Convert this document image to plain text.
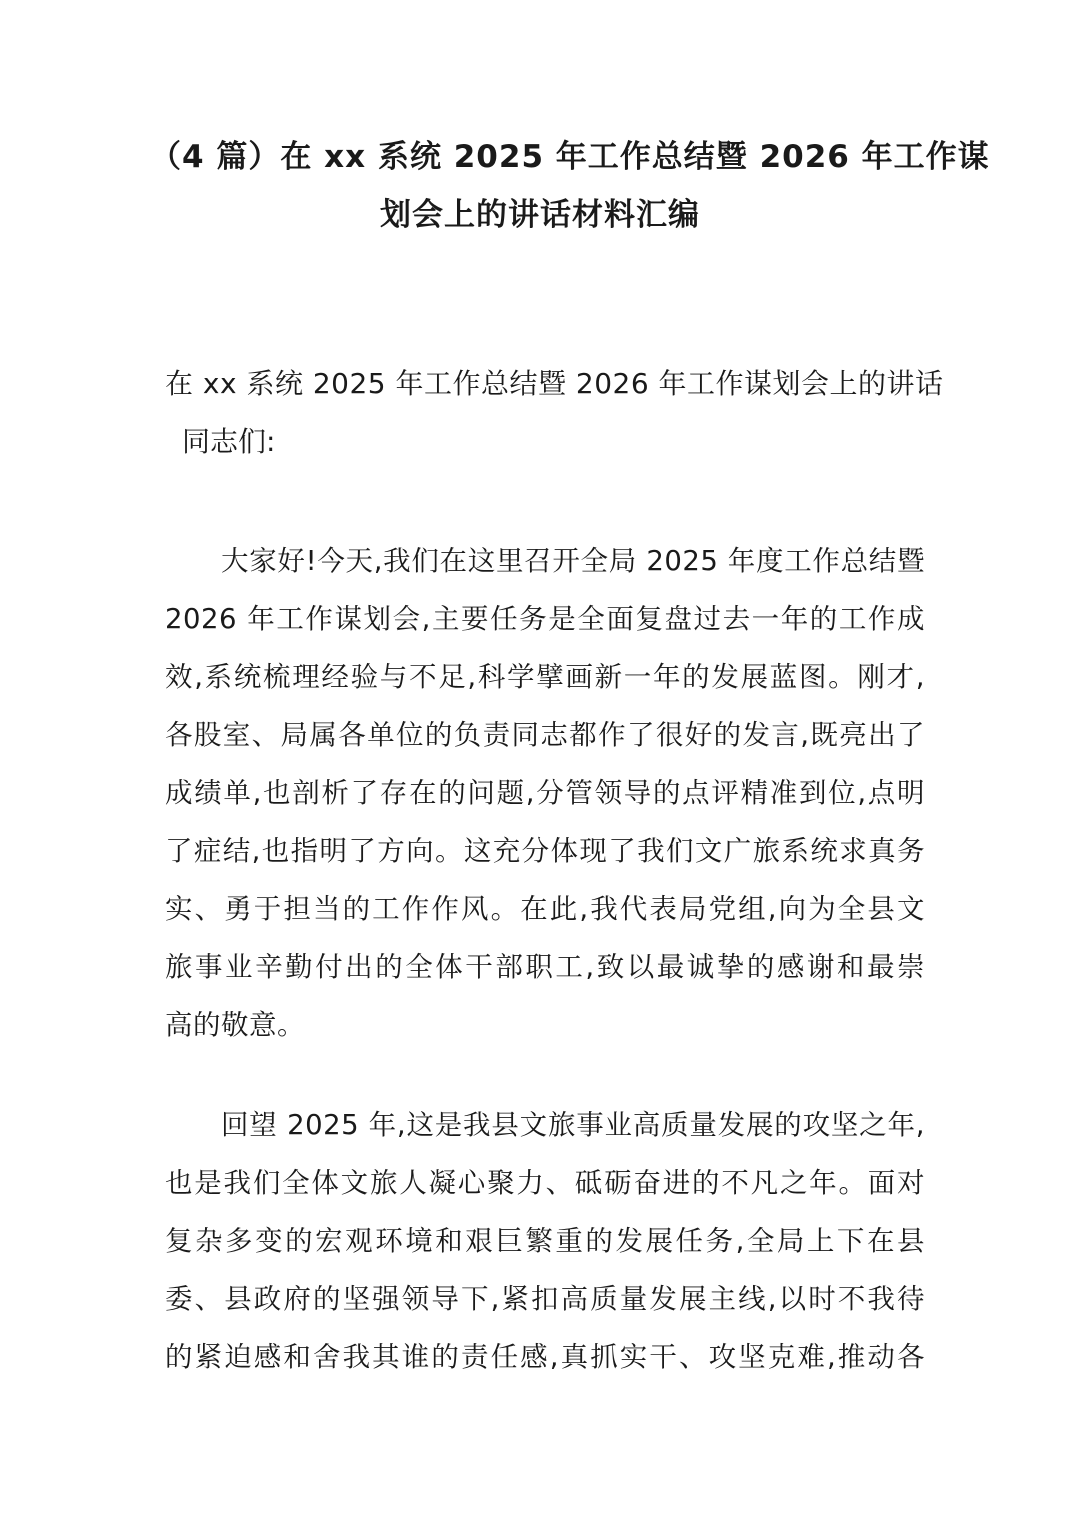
（4 篇）在 xx 系统 2025 年工作总结暨 2026 年工作谋
划会上的讲话材料汇编

在 xx 系统 2025 年工作总结暨 2026 年工作谋划会上的讲话

同志们:

大家好!今天,我们在这里召开全局 2025 年度工作总结暨
2026 年工作谋划会,主要任务是全面复盘过去一年的工作成
效,系统梳理经验与不足,科学擘画新一年的发展蓝图。刚才,
各股室、局属各单位的负责同志都作了很好的发言,既亮出了
成绩单,也剖析了存在的问题,分管领导的点评精准到位,点明
了症结,也指明了方向。这充分体现了我们文广旅系统求真务
实、勇于担当的工作作风。在此,我代表局党组,向为全县文
旅事业辛勤付出的全体干部职工,致以最诚挚的感谢和最崇
高的敬意。
回望 2025 年,这是我县文旅事业高质量发展的攻坚之年,
也是我们全体文旅人凝心聚力、砥砺奋进的不凡之年。面对
复杂多变的宏观环境和艰巨繁重的发展任务,全局上下在县
委、县政府的坚强领导下,紧扣高质量发展主线,以时不我待
的紧迫感和舍我其谁的责任感,真抓实干、攻坚克难,推动各
